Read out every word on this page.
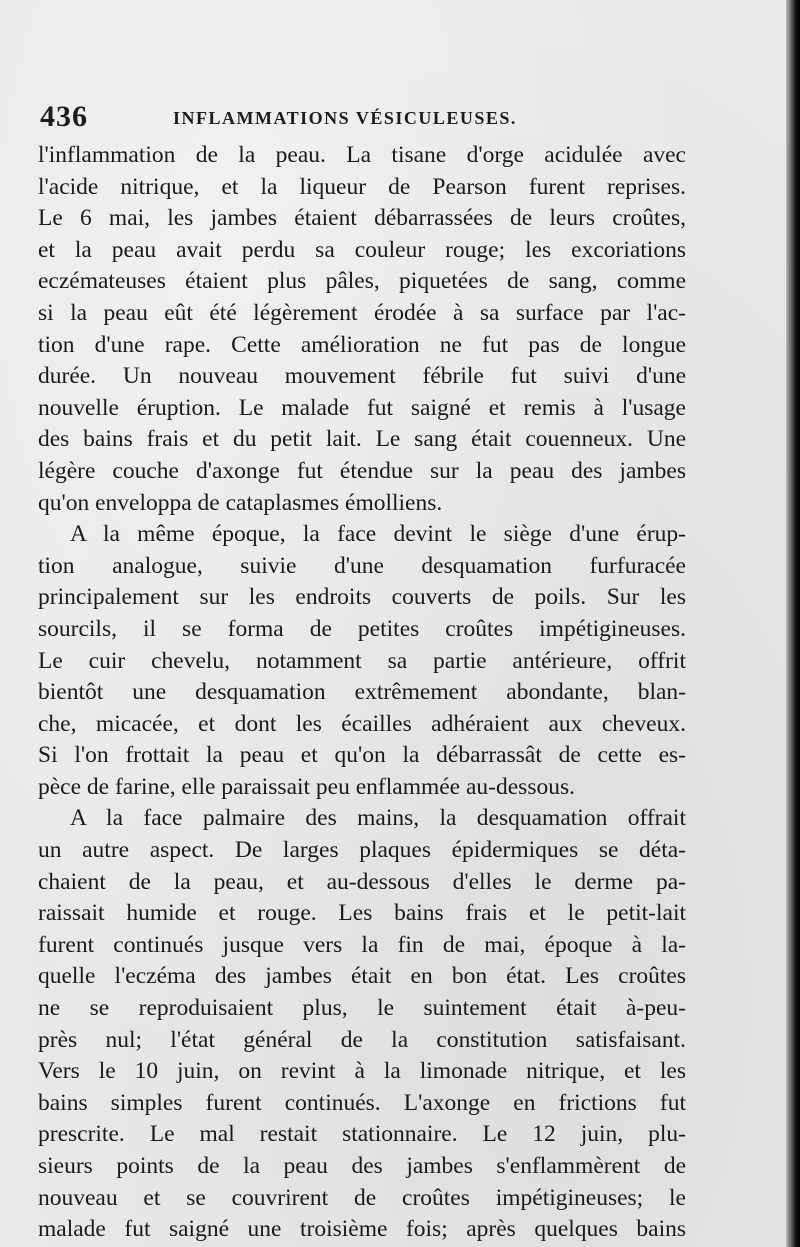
436	INFLAMMATIONS VÉSICULEUSES.
l'inflammation de la peau. La tisane d'orge acidulée avec
l'acide nitrique, et la liqueur de Pearson furent reprises.
Le 6 mai, les jambes étaient débarrassées de leurs croûtes,
et la peau avait perdu sa couleur rouge; les excoriations
eczémateuses étaient plus pâles, piquetées de sang, comme
si la peau eût été légèrement érodée à sa surface par l'ac-
tion d'une rape. Cette amélioration ne fut pas de longue
durée. Un nouveau mouvement fébrile fut suivi d'une
nouvelle éruption. Le malade fut saigné et remis à l'usage
des bains frais et du petit lait. Le sang était couenneux. Une
légère couche d'axonge fut étendue sur la peau des jambes
qu'on enveloppa de cataplasmes émolliens.
A la même époque, la face devint le siège d'une érup-
tion analogue, suivie d'une desquamation furfuracée
principalement sur les endroits couverts de poils. Sur les
sourcils, il se forma de petites croûtes impétigineuses.
Le cuir chevelu, notamment sa partie antérieure, offrit
bientôt une desquamation extrêmement abondante, blan-
che, micacée, et dont les écailles adhéraient aux cheveux.
Si l'on frottait la peau et qu'on la débarrassât de cette es-
pèce de farine, elle paraissait peu enflammée au-dessous.
A la face palmaire des mains, la desquamation offrait
un autre aspect. De larges plaques épidermiques se déta-
chaient de la peau, et au-dessous d'elles le derme pa-
raissait humide et rouge. Les bains frais et le petit-lait
furent continués jusque vers la fin de mai, époque à la-
quelle l'eczéma des jambes était en bon état. Les croûtes
ne se reproduisaient plus, le suintement était à-peu-
près nul; l'état général de la constitution satisfaisant.
Vers le 10 juin, on revint à la limonade nitrique, et les
bains simples furent continués. L'axonge en frictions fut
prescrite. Le mal restait stationnaire. Le 12 juin, plu-
sieurs points de la peau des jambes s'enflammèrent de
nouveau et se couvrirent de croûtes impétigineuses; le
malade fut saigné une troisième fois; après quelques bains
